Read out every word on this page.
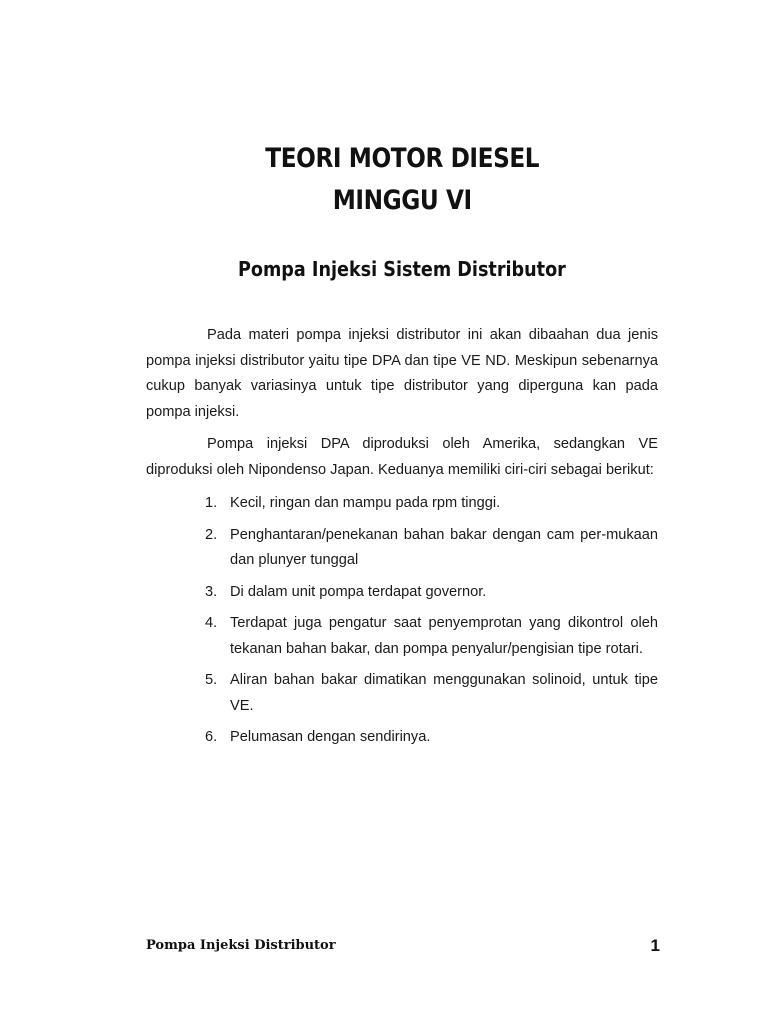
TEORI MOTOR DIESEL
MINGGU VI
Pompa Injeksi Sistem Distributor

Pada materi pompa injeksi distributor ini akan dibaahan dua jenis pompa injeksi distributor yaitu tipe DPA dan tipe VE ND. Meskipun sebenarnya cukup banyak variasinya untuk tipe distributor yang diperguna kan pada pompa injeksi.

Pompa injeksi DPA diproduksi oleh Amerika, sedangkan VE diproduksi oleh Nipondenso Japan. Keduanya memiliki ciri-ciri sebagai berikut:

1. Kecil, ringan dan mampu pada rpm tinggi.
2. Penghantaran/penekanan bahan bakar dengan cam per-mukaan dan plunyer tunggal
3. Di dalam unit pompa terdapat governor.
4. Terdapat juga pengatur saat penyemprotan yang dikontrol oleh tekanan bahan bakar, dan pompa penyalur/pengisian tipe rotari.
5. Aliran bahan bakar dimatikan menggunakan solinoid, untuk tipe VE.
6. Pelumasan dengan sendirinya.
Pompa Injeksi Distributor	1
